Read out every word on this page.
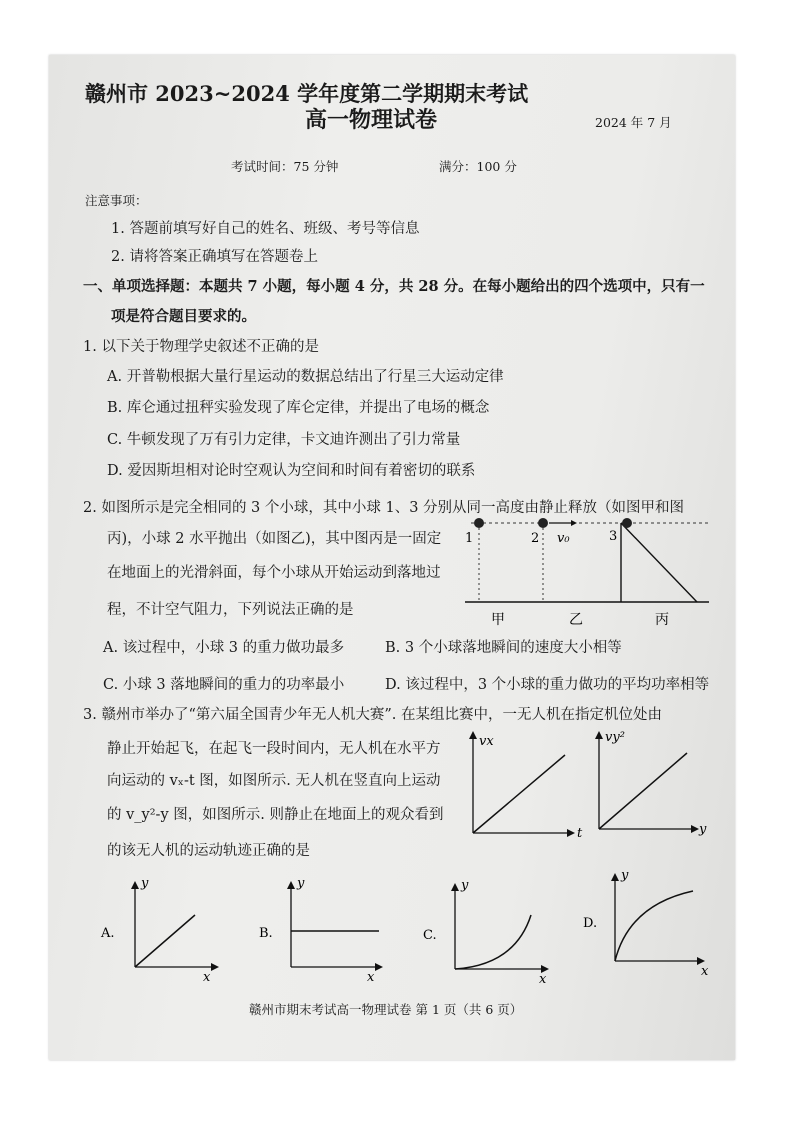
赣州市 2023~2024 学年度第二学期期末考试
高一物理试卷	2024 年 7 月
考试时间：75 分钟	满分：100 分
注意事项：
1. 答题前填写好自己的姓名、班级、考号等信息
2. 请将答案正确填写在答题卷上
一、单项选择题：本题共 7 小题，每小题 4 分，共 28 分。在每小题给出的四个选项中，只有一
项是符合题目要求的。
1. 以下关于物理学史叙述不正确的是
A. 开普勒根据大量行星运动的数据总结出了行星三大运动定律
B. 库仑通过扭秤实验发现了库仑定律，并提出了电场的概念
C. 牛顿发现了万有引力定律，卡文迪许测出了引力常量
D. 爱因斯坦相对论时空观认为空间和时间有着密切的联系
2. 如图所示是完全相同的 3 个小球，其中小球 1、3 分别从同一高度由静止释放（如图甲和图
丙)，小球 2 水平抛出（如图乙)，其中图丙是一固定
在地面上的光滑斜面，每个小球从开始运动到落地过
程，不计空气阻力，下列说法正确的是
A. 该过程中，小球 3 的重力做功最多	B. 3 个小球落地瞬间的速度大小相等
C. 小球 3 落地瞬间的重力的功率最小	D. 该过程中，3 个小球的重力做功的平均功率相等
1	2	3
v₀
甲	乙	丙
3. 赣州市举办了“第六届全国青少年无人机大赛”. 在某组比赛中，一无人机在指定机位处由
静止开始起飞，在起飞一段时间内，无人机在水平方
向运动的 vₓ-t 图，如图所示. 无人机在竖直向上运动
的 v_y²-y 图，如图所示. 则静止在地面上的观众看到
的该无人机的运动轨迹正确的是
vx
t
vy²
y
A.
y
x
B.
y
x
C.
y
x
D.
y
x
赣州市期末考试高一物理试卷 第 1 页（共 6 页）
